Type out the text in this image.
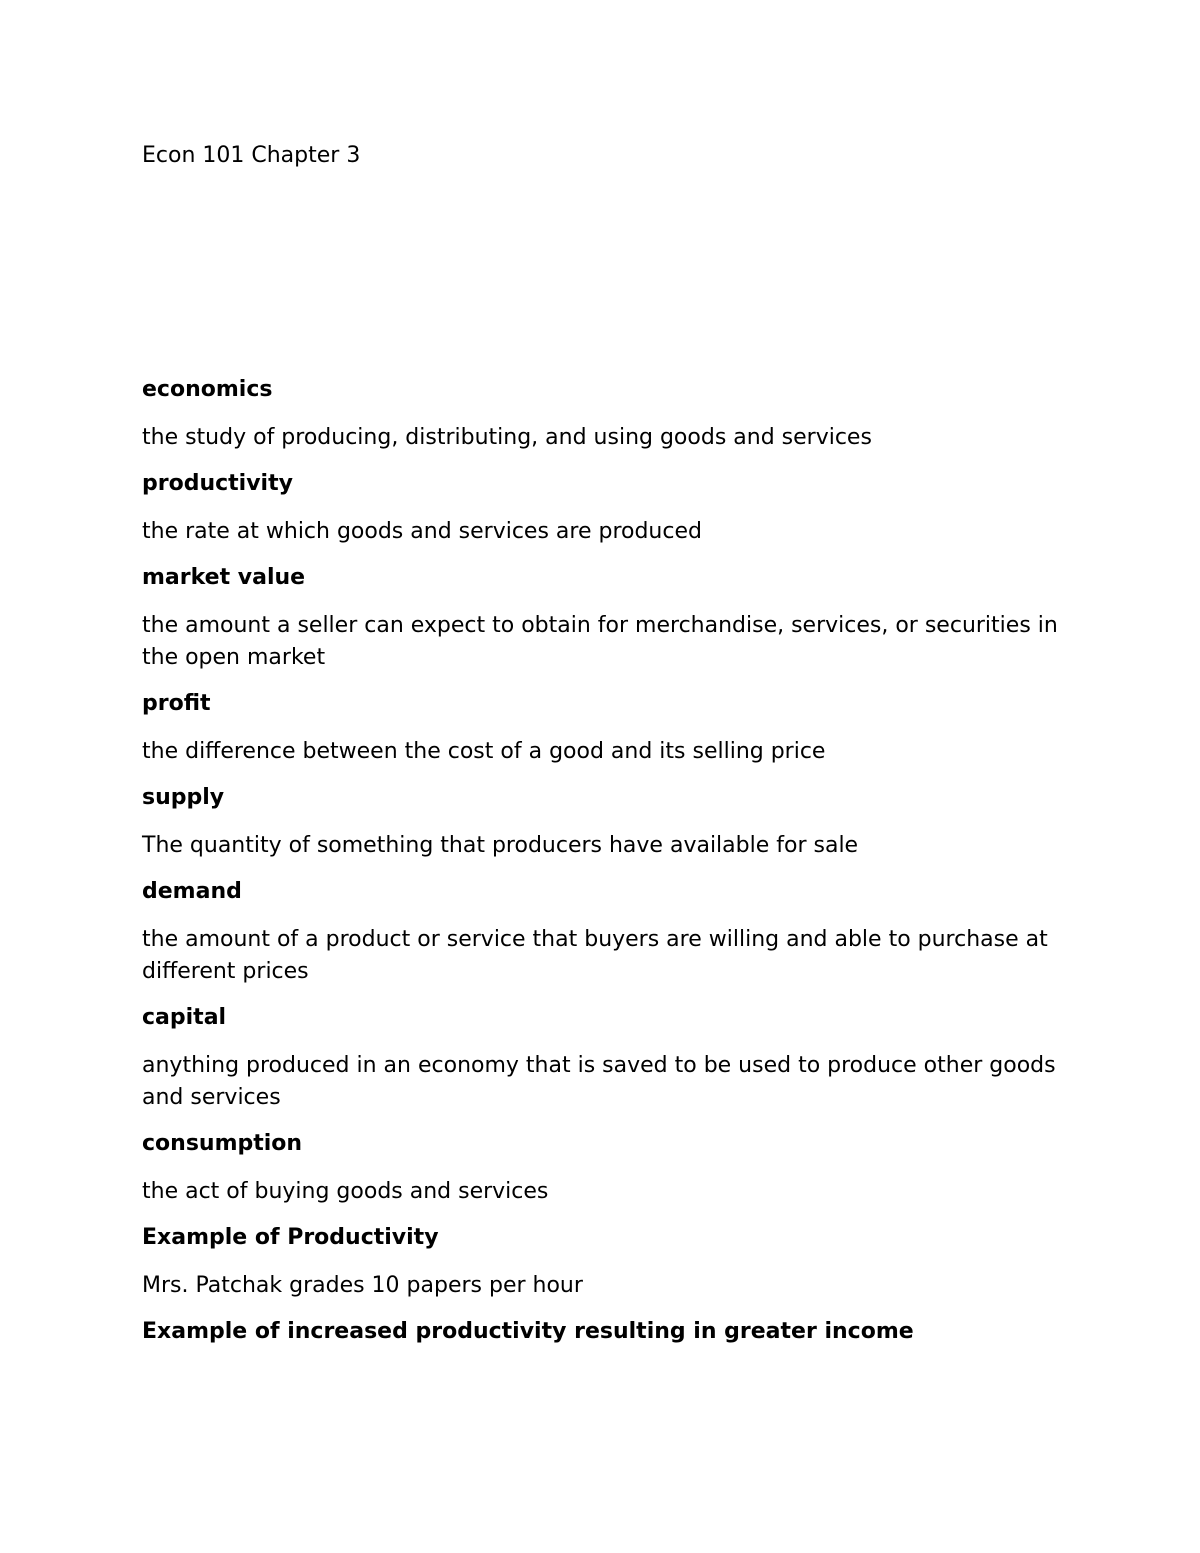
Econ 101 Chapter 3
economics
the study of producing, distributing, and using goods and services
productivity
the rate at which goods and services are produced
market value
the amount a seller can expect to obtain for merchandise, services, or securities in the open market
profit
the difference between the cost of a good and its selling price
supply
The quantity of something that producers have available for sale
demand
the amount of a product or service that buyers are willing and able to purchase at different prices
capital
anything produced in an economy that is saved to be used to produce other goods and services
consumption
the act of buying goods and services
Example of Productivity
Mrs. Patchak grades 10 papers per hour
Example of increased productivity resulting in greater income
